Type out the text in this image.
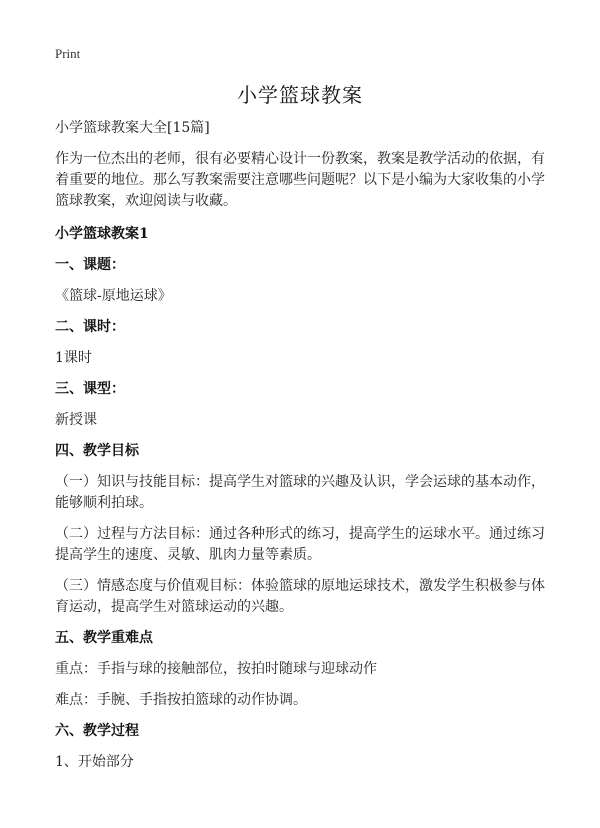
Print
小学篮球教案

小学篮球教案大全[15篇]

作为一位杰出的老师，很有必要精心设计一份教案，教案是教学活动的依据，有着重要的地位。那么写教案需要注意哪些问题呢？以下是小编为大家收集的小学篮球教案，欢迎阅读与收藏。

小学篮球教案1

一、课题：

《篮球-原地运球》

二、课时：

1课时

三、课型：

新授课

四、教学目标

（一）知识与技能目标：提高学生对篮球的兴趣及认识，学会运球的基本动作，能够顺利拍球。

（二）过程与方法目标：通过各种形式的练习，提高学生的运球水平。通过练习提高学生的速度、灵敏、肌肉力量等素质。

（三）情感态度与价值观目标：体验篮球的原地运球技术，激发学生积极参与体育运动，提高学生对篮球运动的兴趣。

五、教学重难点

重点：手指与球的接触部位，按拍时随球与迎球动作

难点：手腕、手指按拍篮球的动作协调。

六、教学过程

1、开始部分
